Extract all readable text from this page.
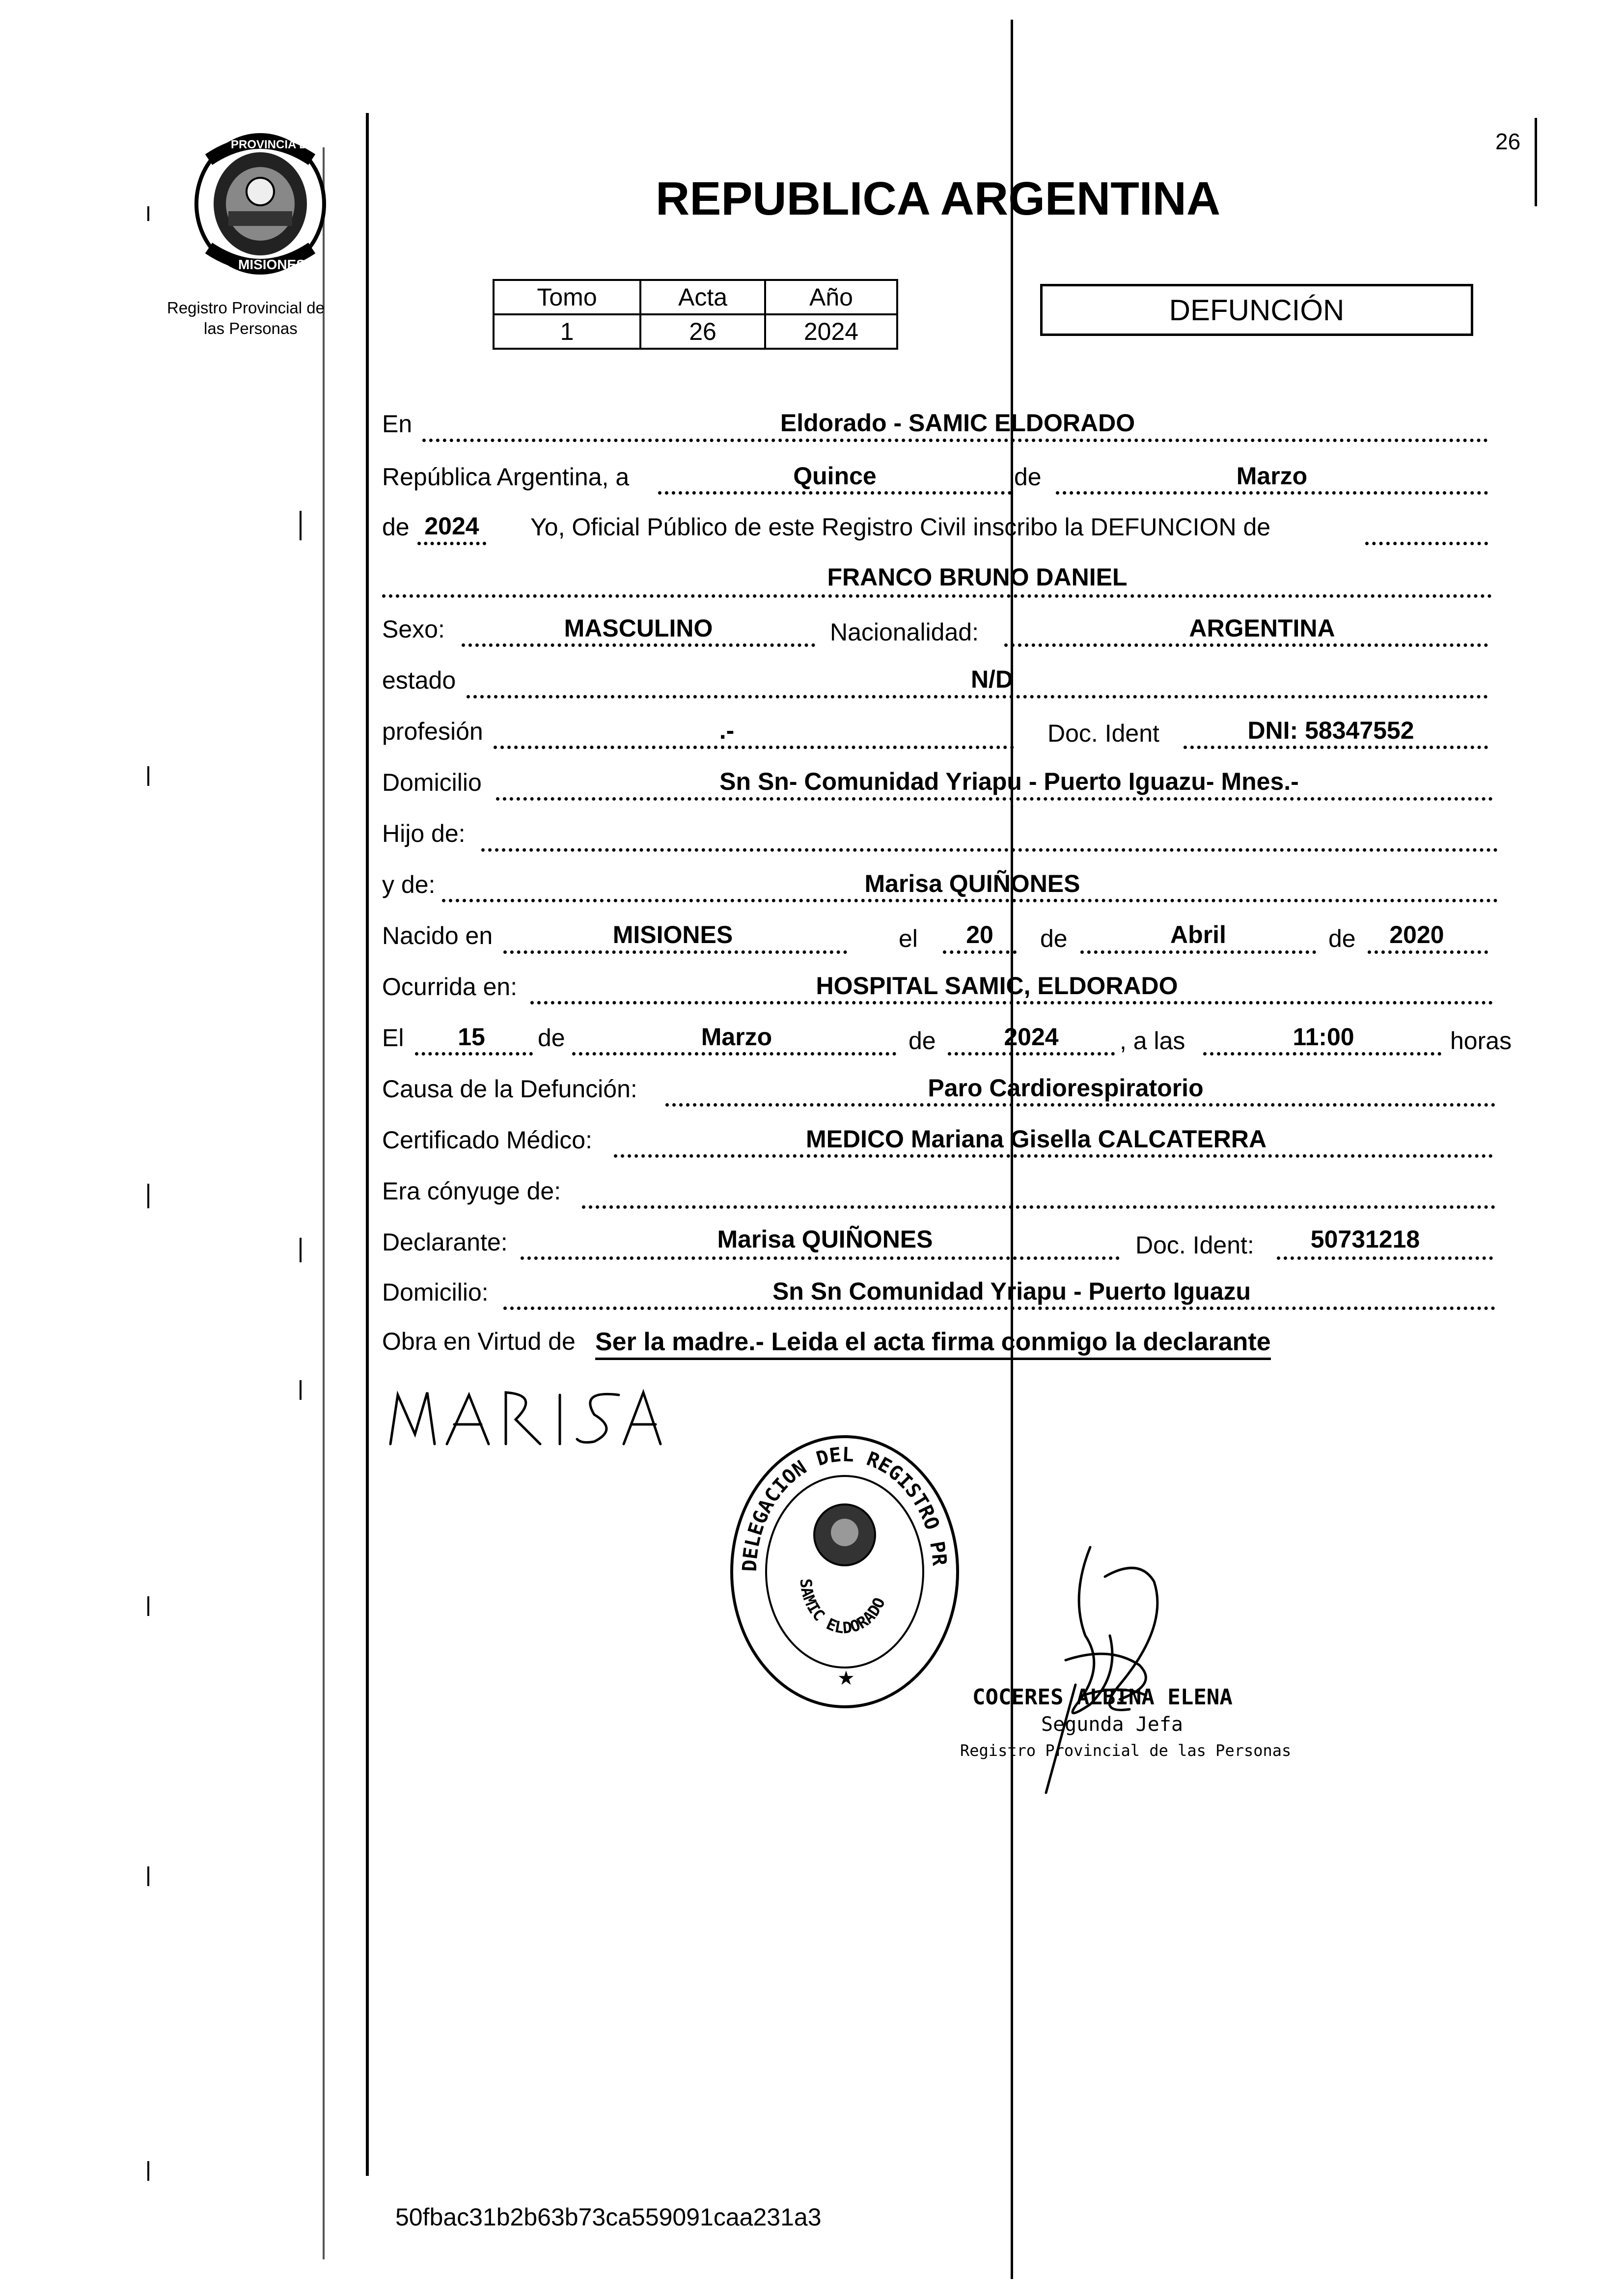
26
PROVINCIA DE
MISIONES
Registro Provincial de
las Personas
REPUBLICA ARGENTINA
Tomo	Acta	Año
1	26	2024
DEFUNCIÓN
En	Eldorado - SAMIC ELDORADO
República Argentina, a	Quince	de	Marzo
de 2024 Yo, Oficial Público de este Registro Civil inscribo la DEFUNCION de
FRANCO BRUNO DANIEL
Sexo:	MASCULINO	Nacionalidad:	ARGENTINA
estado	N/D
profesión	.-	Doc. Ident	DNI: 58347552
Domicilio	Sn Sn- Comunidad Yriapu - Puerto Iguazu- Mnes.-
Hijo de:
y de:	Marisa QUIÑONES
Nacido en	MISIONES	el	20	de	Abril	de	2020
Ocurrida en:	HOSPITAL SAMIC, ELDORADO
El	15	de	Marzo	de	2024	, a las	11:00	horas
Causa de la Defunción:	Paro Cardiorespiratorio
Certificado Médico:	MEDICO Mariana Gisella CALCATERRA
Era cónyuge de:
Declarante:	Marisa QUIÑONES	Doc. Ident:	50731218
Domicilio:	Sn Sn Comunidad Yriapu - Puerto Iguazu
Obra en Virtud de Ser la madre.- Leida el acta firma conmigo la declarante
DELEGACION DEL REGISTRO PR
SAMIC ELDORADO
★
COCERES ALBINA ELENA
Segunda Jefa
Registro Provincial de las Personas
50fbac31b2b63b73ca559091caa231a3
